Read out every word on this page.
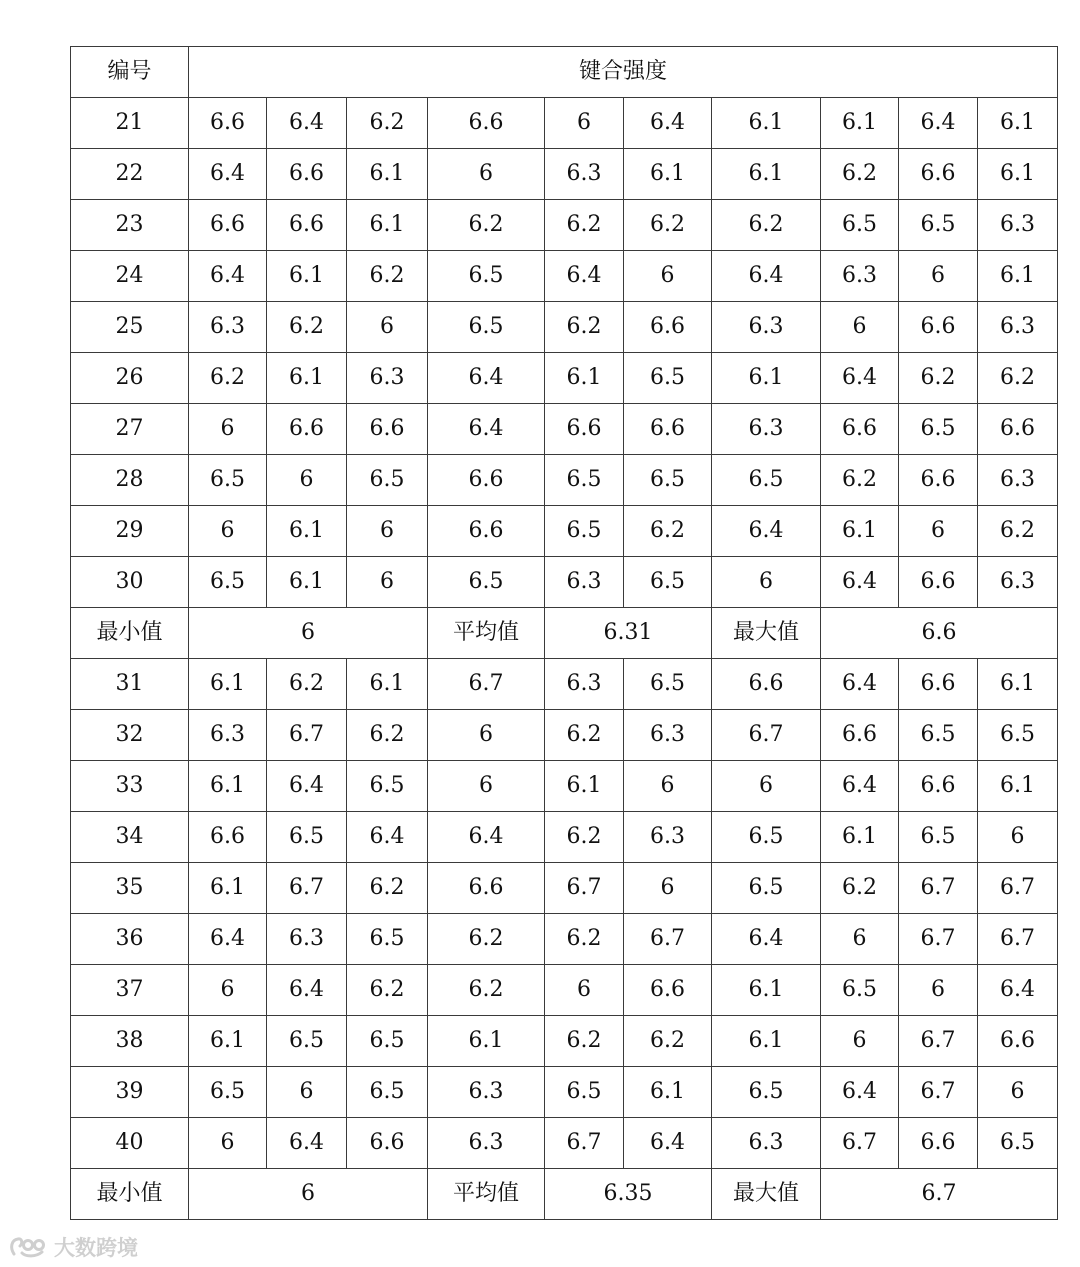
编号	键合强度									
21	6.6	6.4	6.2	6.6	6	6.4	6.1	6.1	6.4	6.1
22	6.4	6.6	6.1	6	6.3	6.1	6.1	6.2	6.6	6.1
23	6.6	6.6	6.1	6.2	6.2	6.2	6.2	6.5	6.5	6.3
24	6.4	6.1	6.2	6.5	6.4	6	6.4	6.3	6	6.1
25	6.3	6.2	6	6.5	6.2	6.6	6.3	6	6.6	6.3
26	6.2	6.1	6.3	6.4	6.1	6.5	6.1	6.4	6.2	6.2
27	6	6.6	6.6	6.4	6.6	6.6	6.3	6.6	6.5	6.6
28	6.5	6	6.5	6.6	6.5	6.5	6.5	6.2	6.6	6.3
29	6	6.1	6	6.6	6.5	6.2	6.4	6.1	6	6.2
30	6.5	6.1	6	6.5	6.3	6.5	6	6.4	6.6	6.3
最小值	6			平均值	6.31		最大值	6.6		
31	6.1	6.2	6.1	6.7	6.3	6.5	6.6	6.4	6.6	6.1
32	6.3	6.7	6.2	6	6.2	6.3	6.7	6.6	6.5	6.5
33	6.1	6.4	6.5	6	6.1	6	6	6.4	6.6	6.1
34	6.6	6.5	6.4	6.4	6.2	6.3	6.5	6.1	6.5	6
35	6.1	6.7	6.2	6.6	6.7	6	6.5	6.2	6.7	6.7
36	6.4	6.3	6.5	6.2	6.2	6.7	6.4	6	6.7	6.7
37	6	6.4	6.2	6.2	6	6.6	6.1	6.5	6	6.4
38	6.1	6.5	6.5	6.1	6.2	6.2	6.1	6	6.7	6.6
39	6.5	6	6.5	6.3	6.5	6.1	6.5	6.4	6.7	6
40	6	6.4	6.6	6.3	6.7	6.4	6.3	6.7	6.6	6.5
最小值	6			平均值	6.35		最大值	6.7		
大数跨境
